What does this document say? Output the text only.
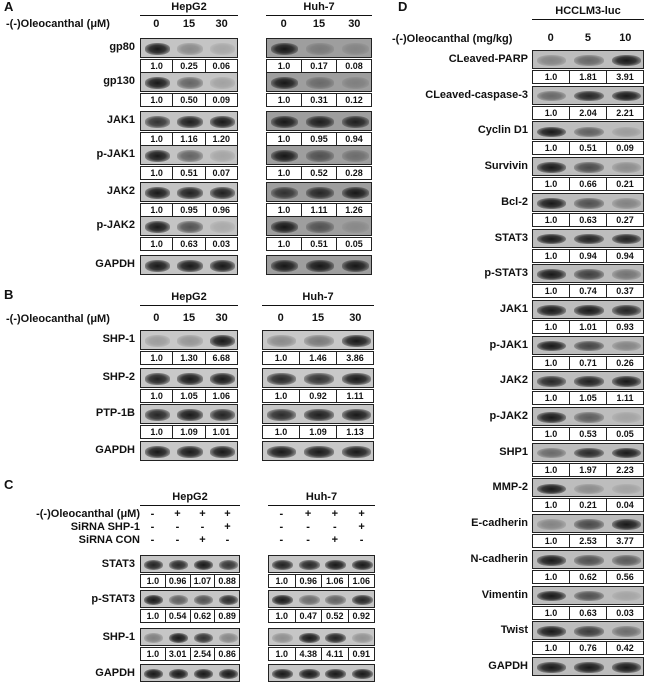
A
-(-)Oleocanthal (μM)
HepG2
0	15	30
gp80
1.0	0.25	0.06
gp130
1.0	0.50	0.09
JAK1
1.0	1.16	1.20
p-JAK1
1.0	0.51	0.07
JAK2
1.0	0.95	0.96
p-JAK2
1.0	0.63	0.03
GAPDH
Huh-7
0	15	30
1.0	0.17	0.08
1.0	0.31	0.12
1.0	0.95	0.94
1.0	0.52	0.28
1.0	1.11	1.26
1.0	0.51	0.05
B
-(-)Oleocanthal (μM)
HepG2
0	15	30
SHP-1
1.0	1.30	6.68
SHP-2
1.0	1.05	1.06
PTP-1B
1.0	1.09	1.01
GAPDH
Huh-7
0	15	30
1.0	1.46	3.86
1.0	0.92	1.11
1.0	1.09	1.13
C
-(-)Oleocanthal (μM)
SiRNA SHP-1
SiRNA CON
HepG2
-	+	+	+
-	-	-	+
-	-	+	-
STAT3
1.0	0.96 1.07 0.88
p-STAT3
1.0	0.54 0.62 0.89
SHP-1
1.0	3.01 2.54 0.86
GAPDH
Huh-7
-	+	+	+
-	-	-	+
-	-	+	-
1.0	0.96 1.06 1.06
1.0	0.47 0.52 0.92
1.0	4.38	4.11	0.91
D	HCCLM3-luc
-(-)Oleocanthal (mg/kg)	0	5	10
CLeaved-PARP
1.0	1.81	3.91
CLeaved-caspase-3
1.0	2.04	2.21
Cyclin D1
1.0	0.51	0.09
Survivin
1.0	0.66	0.21
Bcl-2
1.0	0.63	0.27
STAT3
1.0	0.94	0.94
p-STAT3
1.0	0.74	0.37
JAK1
1.0	1.01	0.93
p-JAK1
1.0	0.71	0.26
JAK2
1.0	1.05	1.11
p-JAK2
1.0	0.53	0.05
SHP1
1.0	1.97	2.23
MMP-2
1.0	0.21	0.04
E-cadherin
1.0	2.53	3.77
N-cadherin
1.0	0.62	0.56
Vimentin
1.0	0.63	0.03
Twist
1.0	0.76	0.42
GAPDH
